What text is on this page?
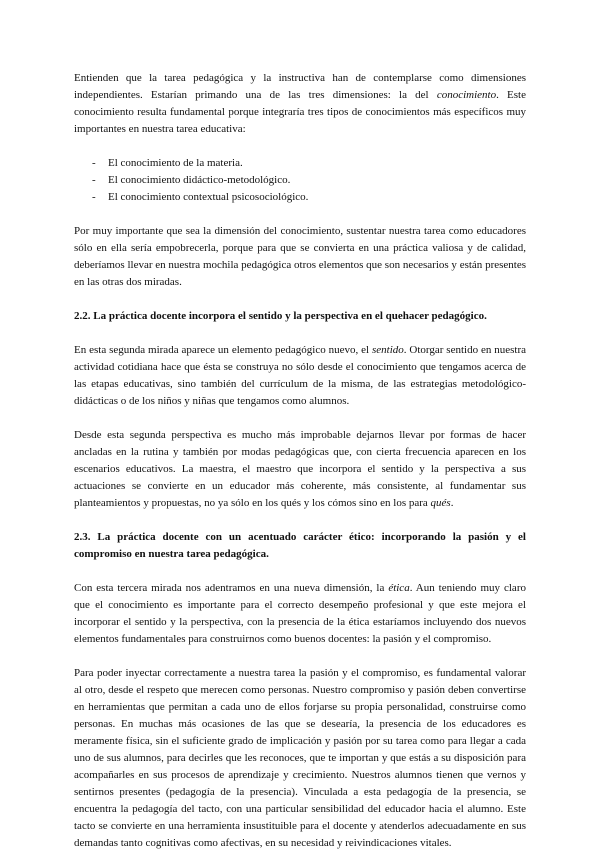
Entienden que la tarea pedagógica y la instructiva han de contemplarse como dimensiones independientes. Estarían primando una de las tres dimensiones: la del conocimiento. Este conocimiento resulta fundamental porque integraría tres tipos de conocimientos más específicos muy importantes en nuestra tarea educativa:

- El conocimiento de la materia.
- El conocimiento didáctico-metodológico.
- El conocimiento contextual psicosociológico.

Por muy importante que sea la dimensión del conocimiento, sustentar nuestra tarea como educadores sólo en ella sería empobrecerla, porque para que se convierta en una práctica valiosa y de calidad, deberíamos llevar en nuestra mochila pedagógica otros elementos que son necesarios y están presentes en las otras dos miradas.

2.2. La práctica docente incorpora el sentido y la perspectiva en el quehacer pedagógico.

En esta segunda mirada aparece un elemento pedagógico nuevo, el sentido. Otorgar sentido en nuestra actividad cotidiana hace que ésta se construya no sólo desde el conocimiento que tengamos acerca de las etapas educativas, sino también del currículum de la misma, de las estrategias metodológico-didácticas o de los niños y niñas que tengamos como alumnos.

Desde esta segunda perspectiva es mucho más improbable dejarnos llevar por formas de hacer ancladas en la rutina y también por modas pedagógicas que, con cierta frecuencia aparecen en los escenarios educativos. La maestra, el maestro que incorpora el sentido y la perspectiva a sus actuaciones se convierte en un educador más coherente, más consistente, al fundamentar sus planteamientos y propuestas, no ya sólo en los qués y los cómos sino en los para qués.

2.3. La práctica docente con un acentuado carácter ético: incorporando la pasión y el compromiso en nuestra tarea pedagógica.

Con esta tercera mirada nos adentramos en una nueva dimensión, la ética. Aun teniendo muy claro que el conocimiento es importante para el correcto desempeño profesional y que este mejora el incorporar el sentido y la perspectiva, con la presencia de la ética estaríamos incluyendo dos nuevos elementos fundamentales para construirnos como buenos docentes: la pasión y el compromiso.

Para poder inyectar correctamente a nuestra tarea la pasión y el compromiso, es fundamental valorar al otro, desde el respeto que merecen como personas. Nuestro compromiso y pasión deben convertirse en herramientas que permitan a cada uno de ellos forjarse su propia personalidad, construirse como personas. En muchas más ocasiones de las que se desearía, la presencia de los educadores es meramente física, sin el suficiente grado de implicación y pasión por su tarea como para llegar a cada uno de sus alumnos, para decirles que les reconoces, que te importan y que estás a su disposición para acompañarles en sus procesos de aprendizaje y crecimiento. Nuestros alumnos tienen que vernos y sentirnos presentes (pedagogía de la presencia). Vinculada a esta pedagogía de la presencia, se encuentra la pedagogía del tacto, con una particular sensibilidad del educador hacia el alumno. Este tacto se convierte en una herramienta insustituible para el docente y atenderlos adecuadamente en sus demandas tanto cognitivas como afectivas, en su necesidad y reivindicaciones vitales.
